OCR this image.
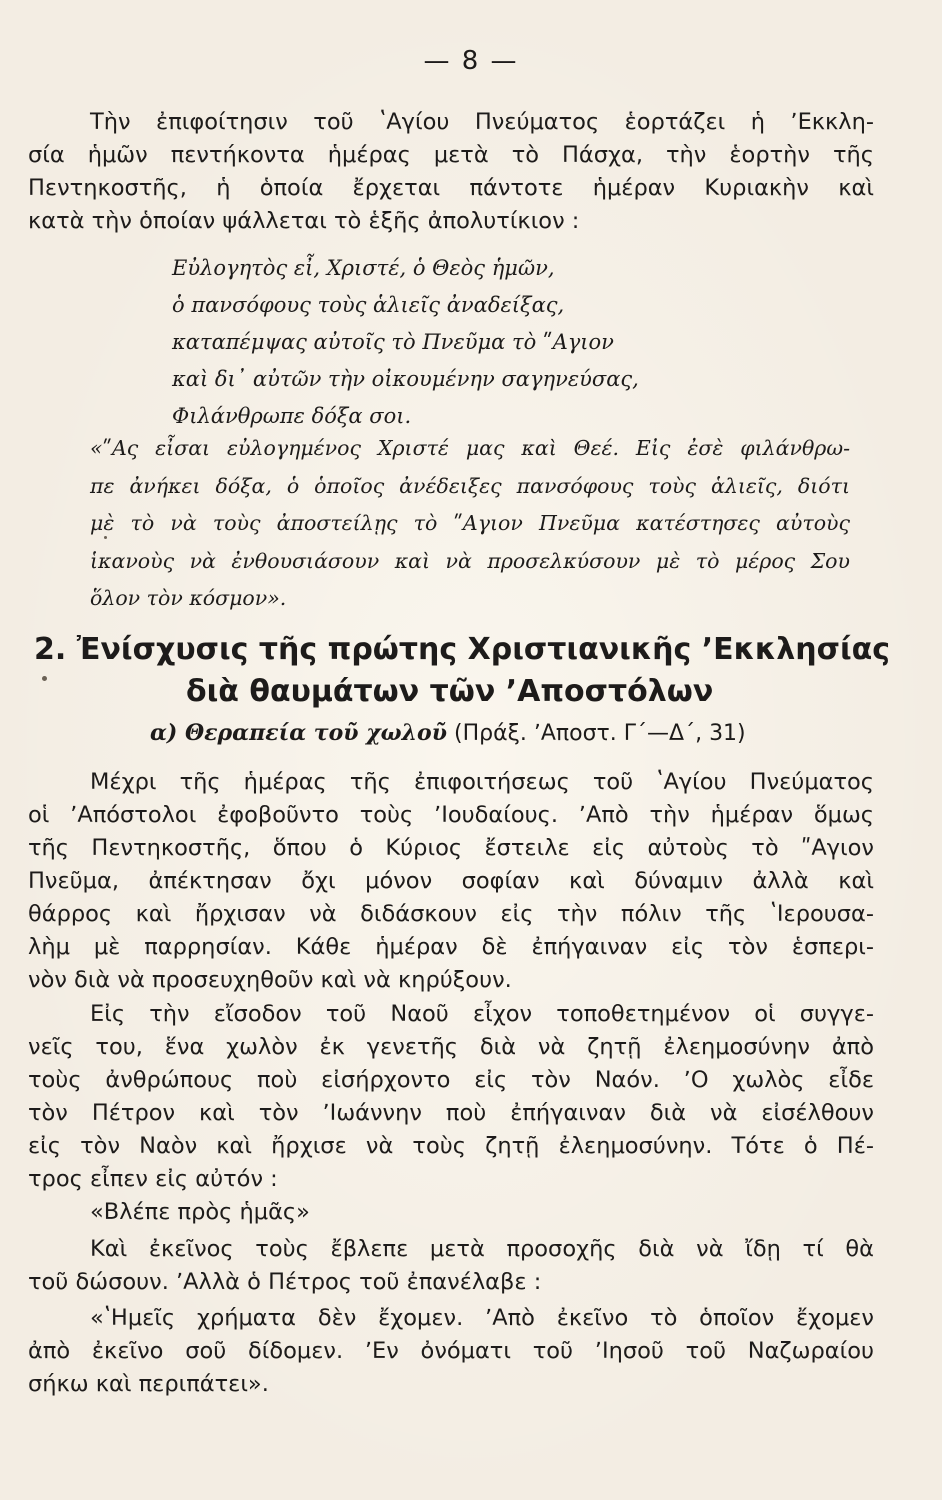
— 8 —

Τὴν ἐπιφοίτησιν τοῦ ʽΑγίου Πνεύματος ἑορτάζει ἡ ʼΕκκλη-
σία ἡμῶν πεντήκοντα ἡμέρας μετὰ τὸ Πάσχα, τὴν ἑορτὴν τῆς
Πεντηκοστῆς, ἡ ὁποία ἔρχεται πάντοτε ἡμέραν Κυριακὴν καὶ
κατὰ τὴν ὁποίαν ψάλλεται τὸ ἑξῆς ἀπολυτίκιον :

Εὐλογητὸς εἶ, Χριστέ, ὁ Θεὸς ἡμῶν,
ὁ πανσόφους τοὺς ἁλιεῖς ἀναδείξας,
καταπέμψας αὐτοῖς τὸ Πνεῦμα τὸ ʺΑγιον
καὶ δι᾿ αὐτῶν τὴν οἰκουμένην σαγηνεύσας,
Φιλάνθρωπε δόξα σοι.
«ʺΑς εἶσαι εὐλογημένος Χριστέ μας καὶ Θεέ. Εἰς ἐσὲ φιλάνθρω-
πε ἀνήκει δόξα, ὁ ὁποῖος ἀνέδειξες πανσόφους τοὺς ἁλιεῖς, διότι
μὲ τὸ νὰ τοὺς ἀποστείλῃς τὸ ʺΑγιον Πνεῦμα κατέστησες αὐτοὺς
ἱκανοὺς νὰ ἐνθουσιάσουν καὶ νὰ προσελκύσουν μὲ τὸ μέρος Σου
ὅλον τὸν κόσμον».
2. Ἐνίσχυσις τῆς πρώτης Χριστιανικῆς ʼΕκκλησίας
διὰ θαυμάτων τῶν ʼΑποστόλων
α) Θεραπεία τοῦ χωλοῦ (Πράξ. ʼΑποστ. Γ΄—Δ΄, 31)

Μέχρι τῆς ἡμέρας τῆς ἐπιφοιτήσεως τοῦ ʽΑγίου Πνεύματος
οἱ ʼΑπόστολοι ἐφοβοῦντο τοὺς ʼΙουδαίους. ʼΑπὸ τὴν ἡμέραν ὅμως
τῆς Πεντηκοστῆς, ὅπου ὁ Κύριος ἔστειλε εἰς αὐτοὺς τὸ ʺΑγιον
Πνεῦμα, ἀπέκτησαν ὄχι μόνον σοφίαν καὶ δύναμιν ἀλλὰ καὶ
θάρρος καὶ ἤρχισαν νὰ διδάσκουν εἰς τὴν πόλιν τῆς ʽΙερουσα-
λὴμ μὲ παρρησίαν. Κάθε ἡμέραν δὲ ἐπήγαιναν εἰς τὸν ἑσπερι-
νὸν διὰ νὰ προσευχηθοῦν καὶ νὰ κηρύξουν.

Εἰς τὴν εἴσοδον τοῦ Ναοῦ εἶχον τοποθετημένον οἱ συγγε-
νεῖς του, ἕνα χωλὸν ἐκ γενετῆς διὰ νὰ ζητῇ ἐλεημοσύνην ἀπὸ
τοὺς ἀνθρώπους ποὺ εἰσήρχοντο εἰς τὸν Ναόν. ʼΟ χωλὸς εἶδε
τὸν Πέτρον καὶ τὸν ʼΙωάννην ποὺ ἐπήγαιναν διὰ νὰ εἰσέλθουν
εἰς τὸν Ναὸν καὶ ἤρχισε νὰ τοὺς ζητῇ ἐλεημοσύνην. Τότε ὁ Πέ-
τρος εἶπεν εἰς αὐτόν :

«Βλέπε πρὸς ἡμᾶς»

Καὶ ἐκεῖνος τοὺς ἔβλεπε μετὰ προσοχῆς διὰ νὰ ἴδῃ τί θὰ
τοῦ δώσουν. ʼΑλλὰ ὁ Πέτρος τοῦ ἐπανέλαβε :

«ʽΗμεῖς χρήματα δὲν ἔχομεν. ʼΑπὸ ἐκεῖνο τὸ ὁποῖον ἔχομεν
ἀπὸ ἐκεῖνο σοῦ δίδομεν. ʼΕν ὀνόματι τοῦ ʼΙησοῦ τοῦ Ναζωραίου
σήκω καὶ περιπάτει».
